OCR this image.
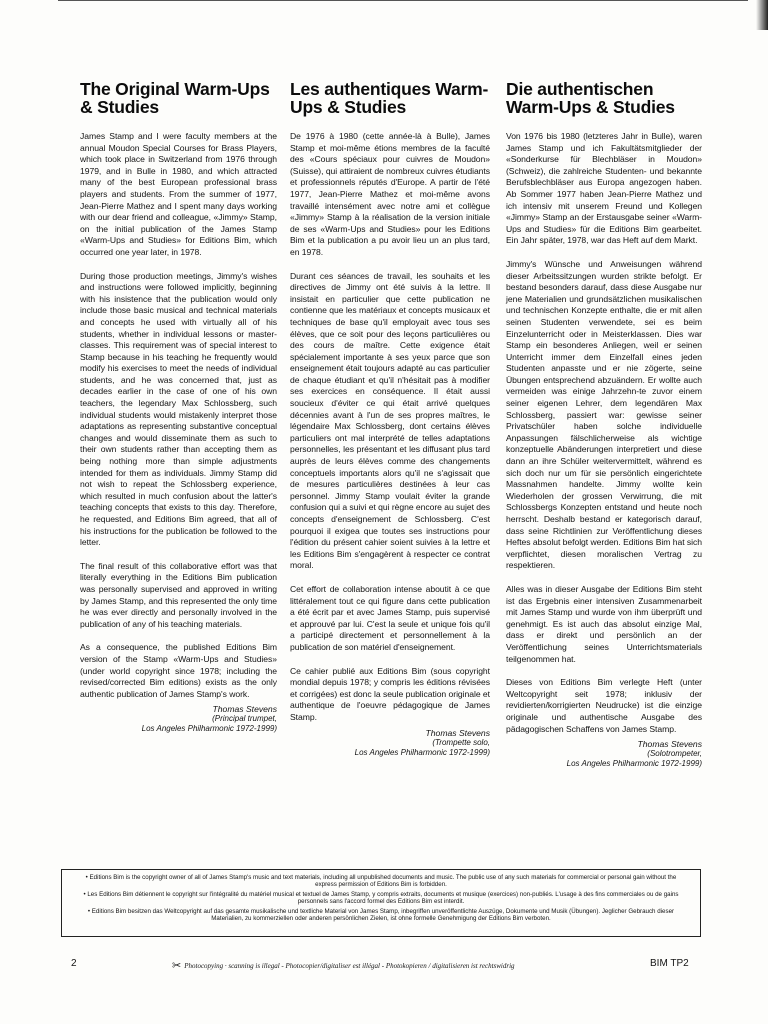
The Original Warm-Ups & Studies

James Stamp and I were faculty members at the annual Moudon Special Courses for Brass Players, which took place in Switzerland from 1976 through 1979, and in Bulle in 1980, and which attracted many of the best European professional brass players and students. From the summer of 1977, Jean-Pierre Mathez and I spent many days working with our dear friend and colleague, «Jimmy» Stamp, on the initial publication of the James Stamp «Warm-Ups and Studies» for Editions Bim, which occurred one year later, in 1978.

During those production meetings, Jimmy's wishes and instructions were followed implicitly, beginning with his insistence that the publication would only include those basic musical and technical materials and concepts he used with virtually all of his students, whether in individual lessons or master-classes. This requirement was of special interest to Stamp because in his teaching he frequently would modify his exercises to meet the needs of individual students, and he was concerned that, just as decades earlier in the case of one of his own teachers, the legendary Max Schlossberg, such individual students would mistakenly interpret those adaptations as representing substantive conceptual changes and would disseminate them as such to their own students rather than accepting them as being nothing more than simple adjustments intended for them as individuals. Jimmy Stamp did not wish to repeat the Schlossberg experience, which resulted in much confusion about the latter's teaching concepts that exists to this day. Therefore, he requested, and Editions Bim agreed, that all of his instructions for the publication be followed to the letter.

The final result of this collaborative effort was that literally everything in the Editions Bim publication was personally supervised and approved in writing by James Stamp, and this represented the only time he was ever directly and personally involved in the publication of any of his teaching materials.

As a consequence, the published Editions Bim version of the Stamp «Warm-Ups and Studies» (under world copyright since 1978; including the revised/corrected Bim editions) exists as the only authentic publication of James Stamp's work.

Thomas Stevens
(Principal trumpet,
Los Angeles Philharmonic 1972-1999)
Les authentiques Warm-Ups & Studies

De 1976 à 1980 (cette année-là à Bulle), James Stamp et moi-même étions membres de la faculté des «Cours spéciaux pour cuivres de Moudon» (Suisse), qui attiraient de nombreux cuivres étudiants et professionnels réputés d'Europe. A partir de l'été 1977, Jean-Pierre Mathez et moi-même avons travaillé intensément avec notre ami et collègue «Jimmy» Stamp à la réalisation de la version initiale de ses «Warm-Ups and Studies» pour les Editions Bim et la publication a pu avoir lieu un an plus tard, en 1978.

Durant ces séances de travail, les souhaits et les directives de Jimmy ont été suivis à la lettre. Il insistait en particulier que cette publication ne contienne que les matériaux et concepts musicaux et techniques de base qu'il employait avec tous ses élèves, que ce soit pour des leçons particulières ou des cours de maître. Cette exigence était spécialement importante à ses yeux parce que son enseignement était toujours adapté au cas particulier de chaque étudiant et qu'il n'hésitait pas à modifier ses exercices en conséquence. Il était aussi soucieux d'éviter ce qui était arrivé quelques décennies avant à l'un de ses propres maîtres, le légendaire Max Schlossberg, dont certains élèves particuliers ont mal interprété de telles adaptations personnelles, les présentant et les diffusant plus tard auprès de leurs élèves comme des changements conceptuels importants alors qu'il ne s'agissait que de mesures particulières destinées à leur cas personnel. Jimmy Stamp voulait éviter la grande confusion qui a suivi et qui règne encore au sujet des concepts d'enseignement de Schlossberg. C'est pourquoi il exigea que toutes ses instructions pour l'édition du présent cahier soient suivies à la lettre et les Editions Bim s'engagèrent à respecter ce contrat moral.

Cet effort de collaboration intense aboutit à ce que littéralement tout ce qui figure dans cette publication a été écrit par et avec James Stamp, puis supervisé et approuvé par lui. C'est la seule et unique fois qu'il a participé directement et personnellement à la publication de son matériel d'enseignement.

Ce cahier publié aux Editions Bim (sous copyright mondial depuis 1978; y compris les éditions révisées et corrigées) est donc la seule publication originale et authentique de l'oeuvre pédagogique de James Stamp.

Thomas Stevens
(Trompette solo,
Los Angeles Philharmonic 1972-1999)
Die authentischen Warm-Ups & Studies

Von 1976 bis 1980 (letzteres Jahr in Bulle), waren James Stamp und ich Fakultätsmitglieder der «Sonderkurse für Blechbläser in Moudon» (Schweiz), die zahlreiche Studenten- und bekannte Berufsblechbläser aus Europa angezogen haben. Ab Sommer 1977 haben Jean-Pierre Mathez und ich intensiv mit unserem Freund und Kollegen «Jimmy» Stamp an der Erstausgabe seiner «Warm-Ups and Studies» für die Editions Bim gearbeitet. Ein Jahr später, 1978, war das Heft auf dem Markt.

Jimmy's Wünsche und Anweisungen während dieser Arbeitssitzungen wurden strikte befolgt. Er bestand besonders darauf, dass diese Ausgabe nur jene Materialien und grundsätzlichen musikalischen und technischen Konzepte enthalte, die er mit allen seinen Studenten verwendete, sei es beim Einzelunterricht oder in Meisterklassen. Dies war Stamp ein besonderes Anliegen, weil er seinen Unterricht immer dem Einzelfall eines jeden Studenten anpasste und er nie zögerte, seine Übungen entsprechend abzuändern. Er wollte auch vermeiden was einige Jahrzehn-te zuvor einem seiner eigenen Lehrer, dem legendären Max Schlossberg, passiert war: gewisse seiner Privatschüler haben solche individuelle Anpassungen fälschlicherweise als wichtige konzeptuelle Abänderungen interpretiert und diese dann an ihre Schüler weitervermittelt, während es sich doch nur um für sie persönlich eingerichtete Massnahmen handelte. Jimmy wollte kein Wiederholen der grossen Verwirrung, die mit Schlossbergs Konzepten entstand und heute noch herrscht. Deshalb bestand er kategorisch darauf, dass seine Richtlinien zur Veröffentlichung dieses Heftes absolut befolgt werden. Editions Bim hat sich verpflichtet, diesen moralischen Vertrag zu respektieren.

Alles was in dieser Ausgabe der Editions Bim steht ist das Ergebnis einer intensiven Zusammenarbeit mit James Stamp und wurde von ihm überprüft und genehmigt. Es ist auch das absolut einzige Mal, dass er direkt und persönlich an der Veröffentlichung seines Unterrichtsmaterials teilgenommen hat.

Dieses von Editions Bim verlegte Heft (unter Weltcopyright seit 1978; inklusiv der revidierten/korrigierten Neudrucke) ist die einzige originale und authentische Ausgabe des pädagogischen Schaffens von James Stamp.

Thomas Stevens
(Solotrompeter,
Los Angeles Philharmonic 1972-1999)

• Editions Bim is the copyright owner of all of James Stamp's music and text materials, including all unpublished documents and music. The public use of any such materials for commercial or personal gain without the express permission of Editions Bim is forbidden.

• Les Editions Bim détiennent le copyright sur l'intégralité du matériel musical et textuel de James Stamp, y compris extraits, documents et musique (exercices) non-publiés. L'usage à des fins commerciales ou de gains personnels sans l'accord formel des Editions Bim est interdit.

• Editions Bim besitzen das Weltcopyright auf das gesamte musikalische und textliche Material von James Stamp, inbegriffen unveröffentlichte Auszüge, Dokumente und Musik (Übungen). Jeglicher Gebrauch dieser Materialien, zu kommerziellen oder anderen persönlichen Zielen, ist ohne formelle Genehmigung der Editions Bim verboten.

2	✂ Photocopying · scanning is illegal - Photocopier/digitaliser est illégal - Photokopieren / digitalisieren ist rechtswidrig	BIM TP2
